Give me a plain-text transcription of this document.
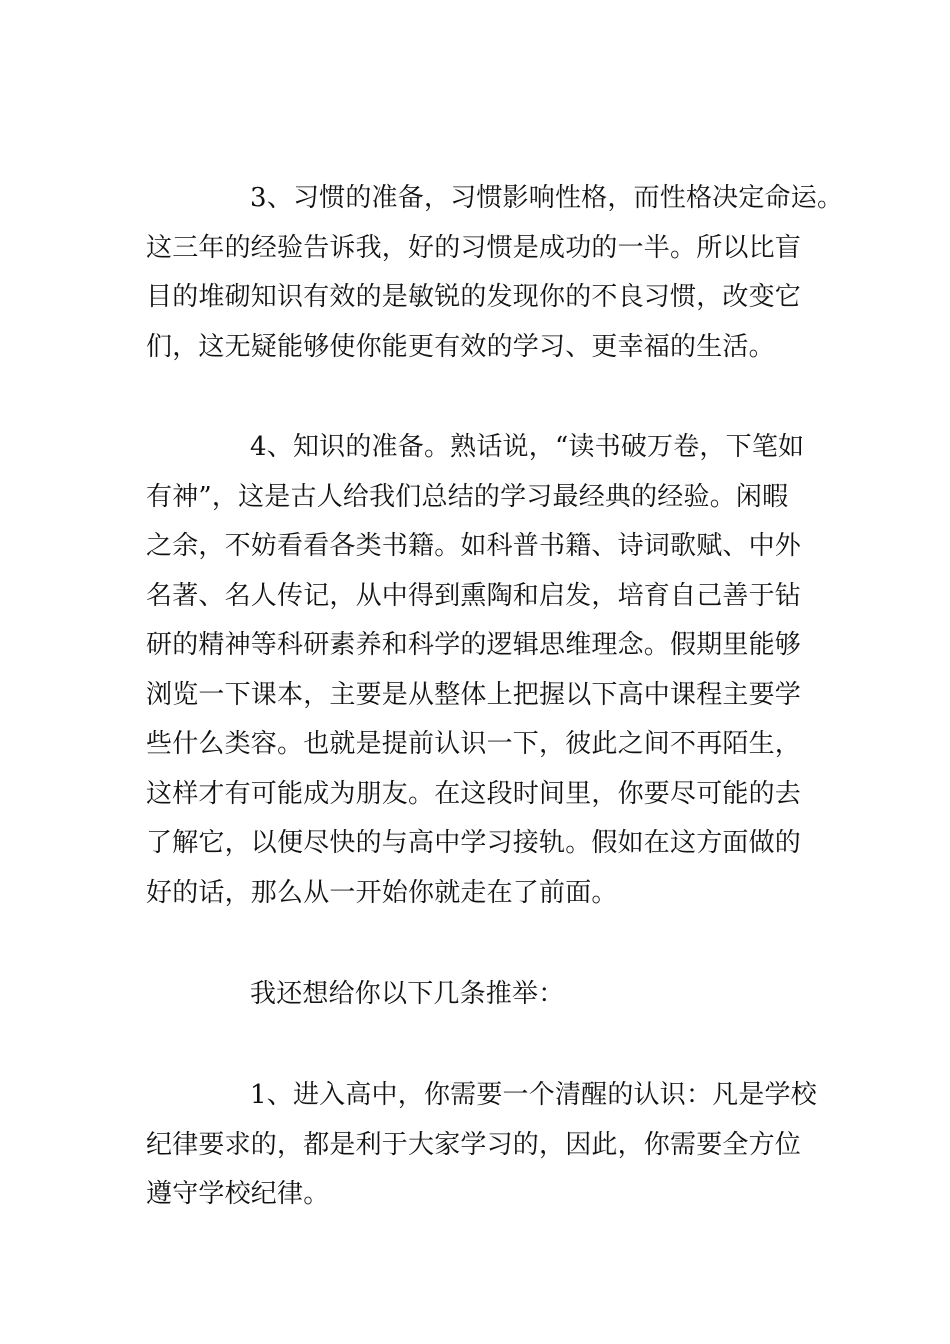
3、习惯的准备，习惯影响性格，而性格决定命运。
这三年的经验告诉我，好的习惯是成功的一半。所以比盲
目的堆砌知识有效的是敏锐的发现你的不良习惯，改变它
们，这无疑能够使你能更有效的学习、更幸福的生活。

4、知识的准备。熟话说，“读书破万卷，下笔如
有神”，这是古人给我们总结的学习最经典的经验。闲暇
之余，不妨看看各类书籍。如科普书籍、诗词歌赋、中外
名著、名人传记，从中得到熏陶和启发，培育自己善于钻
研的精神等科研素养和科学的逻辑思维理念。假期里能够
浏览一下课本，主要是从整体上把握以下高中课程主要学
些什么类容。也就是提前认识一下，彼此之间不再陌生，
这样才有可能成为朋友。在这段时间里，你要尽可能的去
了解它，以便尽快的与高中学习接轨。假如在这方面做的
好的话，那么从一开始你就走在了前面。

我还想给你以下几条推举：

1、进入高中，你需要一个清醒的认识：凡是学校
纪律要求的，都是利于大家学习的，因此，你需要全方位
遵守学校纪律。
